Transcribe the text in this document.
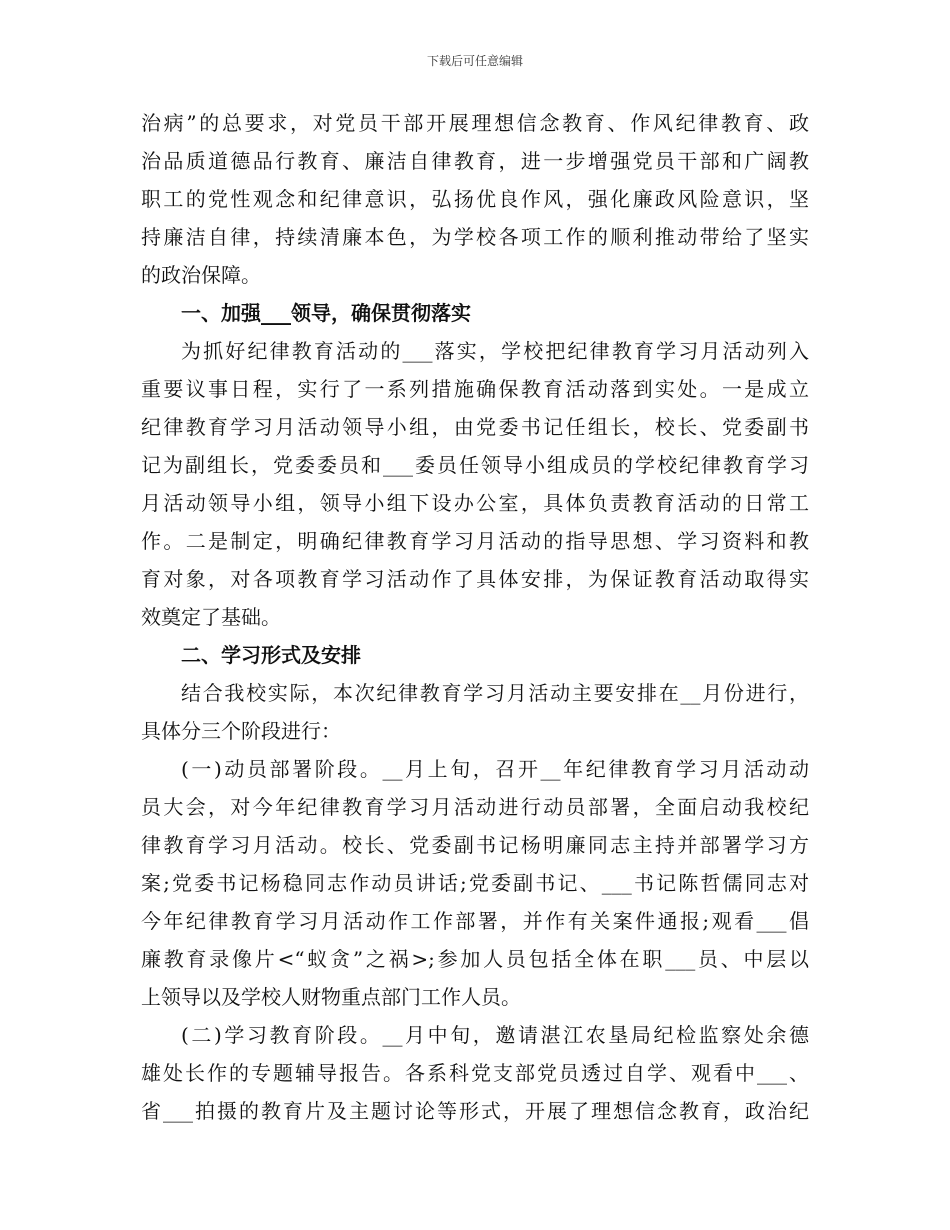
下载后可任意编辑
治病”的总要求，对党员干部开展理想信念教育、作风纪律教育、政
治品质道德品行教育、廉洁自律教育，进一步增强党员干部和广阔教
职工的党性观念和纪律意识，弘扬优良作风，强化廉政风险意识，坚
持廉洁自律，持续清廉本色，为学校各项工作的顺利推动带给了坚实
的政治保障。
一、加强___领导，确保贯彻落实
为抓好纪律教育活动的___落实，学校把纪律教育学习月活动列入
重要议事日程，实行了一系列措施确保教育活动落到实处。一是成立
纪律教育学习月活动领导小组，由党委书记任组长，校长、党委副书
记为副组长，党委委员和___委员任领导小组成员的学校纪律教育学习
月活动领导小组，领导小组下设办公室，具体负责教育活动的日常工
作。二是制定，明确纪律教育学习月活动的指导思想、学习资料和教
育对象，对各项教育学习活动作了具体安排，为保证教育活动取得实
效奠定了基础。
二、学习形式及安排
结合我校实际，本次纪律教育学习月活动主要安排在__月份进行，
具体分三个阶段进行：
(一)动员部署阶段。__月上旬，召开__年纪律教育学习月活动动
员大会，对今年纪律教育学习月活动进行动员部署，全面启动我校纪
律教育学习月活动。校长、党委副书记杨明廉同志主持并部署学习方
案;党委书记杨稳同志作动员讲话;党委副书记、___书记陈哲儒同志对
今年纪律教育学习月活动作工作部署，并作有关案件通报;观看___倡
廉教育录像片<“蚁贪”之祸>;参加人员包括全体在职___员、中层以
上领导以及学校人财物重点部门工作人员。
(二)学习教育阶段。__月中旬，邀请湛江农垦局纪检监察处余德
雄处长作的专题辅导报告。各系科党支部党员透过自学、观看中___、
省___拍摄的教育片及主题讨论等形式，开展了理想信念教育，政治纪
